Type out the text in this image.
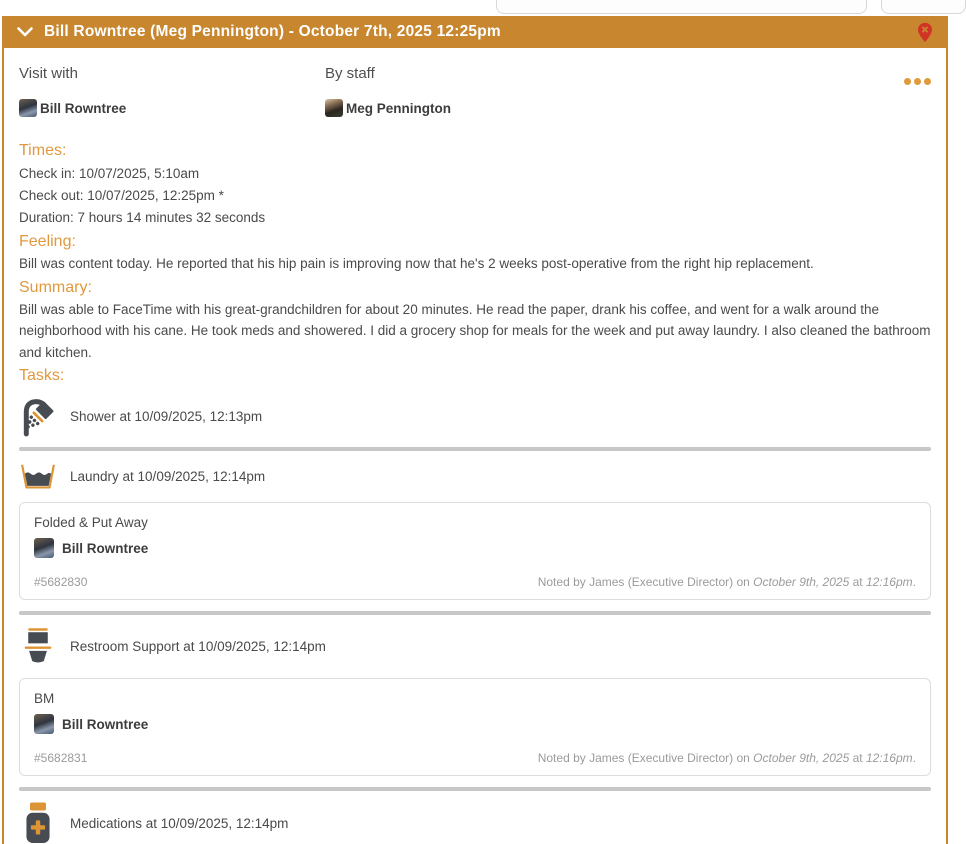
Bill Rowntree (Meg Pennington) - October 7th, 2025 12:25pm
Visit with
Bill Rowntree
By staff
Meg Pennington
Times:

Check in: 10/07/2025, 5:10am

Check out: 10/07/2025, 12:25pm *

Duration: 7 hours 14 minutes 32 seconds

Feeling:

Bill was content today. He reported that his hip pain is improving now that he's 2 weeks post-operative from the right hip replacement.

Summary:

Bill was able to FaceTime with his great-grandchildren for about 20 minutes. He read the paper, drank his coffee, and went for a walk around the neighborhood with his cane. He took meds and showered. I did a grocery shop for meals for the week and put away laundry. I also cleaned the bathroom and kitchen.

Tasks:
Shower at 10/09/2025, 12:13pm
Laundry at 10/09/2025, 12:14pm
Folded & Put Away
Bill Rowntree
#5682830	Noted by James (Executive Director) on October 9th, 2025 at 12:16pm.
Restroom Support at 10/09/2025, 12:14pm
BM
Bill Rowntree
#5682831	Noted by James (Executive Director) on October 9th, 2025 at 12:16pm.
Medications at 10/09/2025, 12:14pm
